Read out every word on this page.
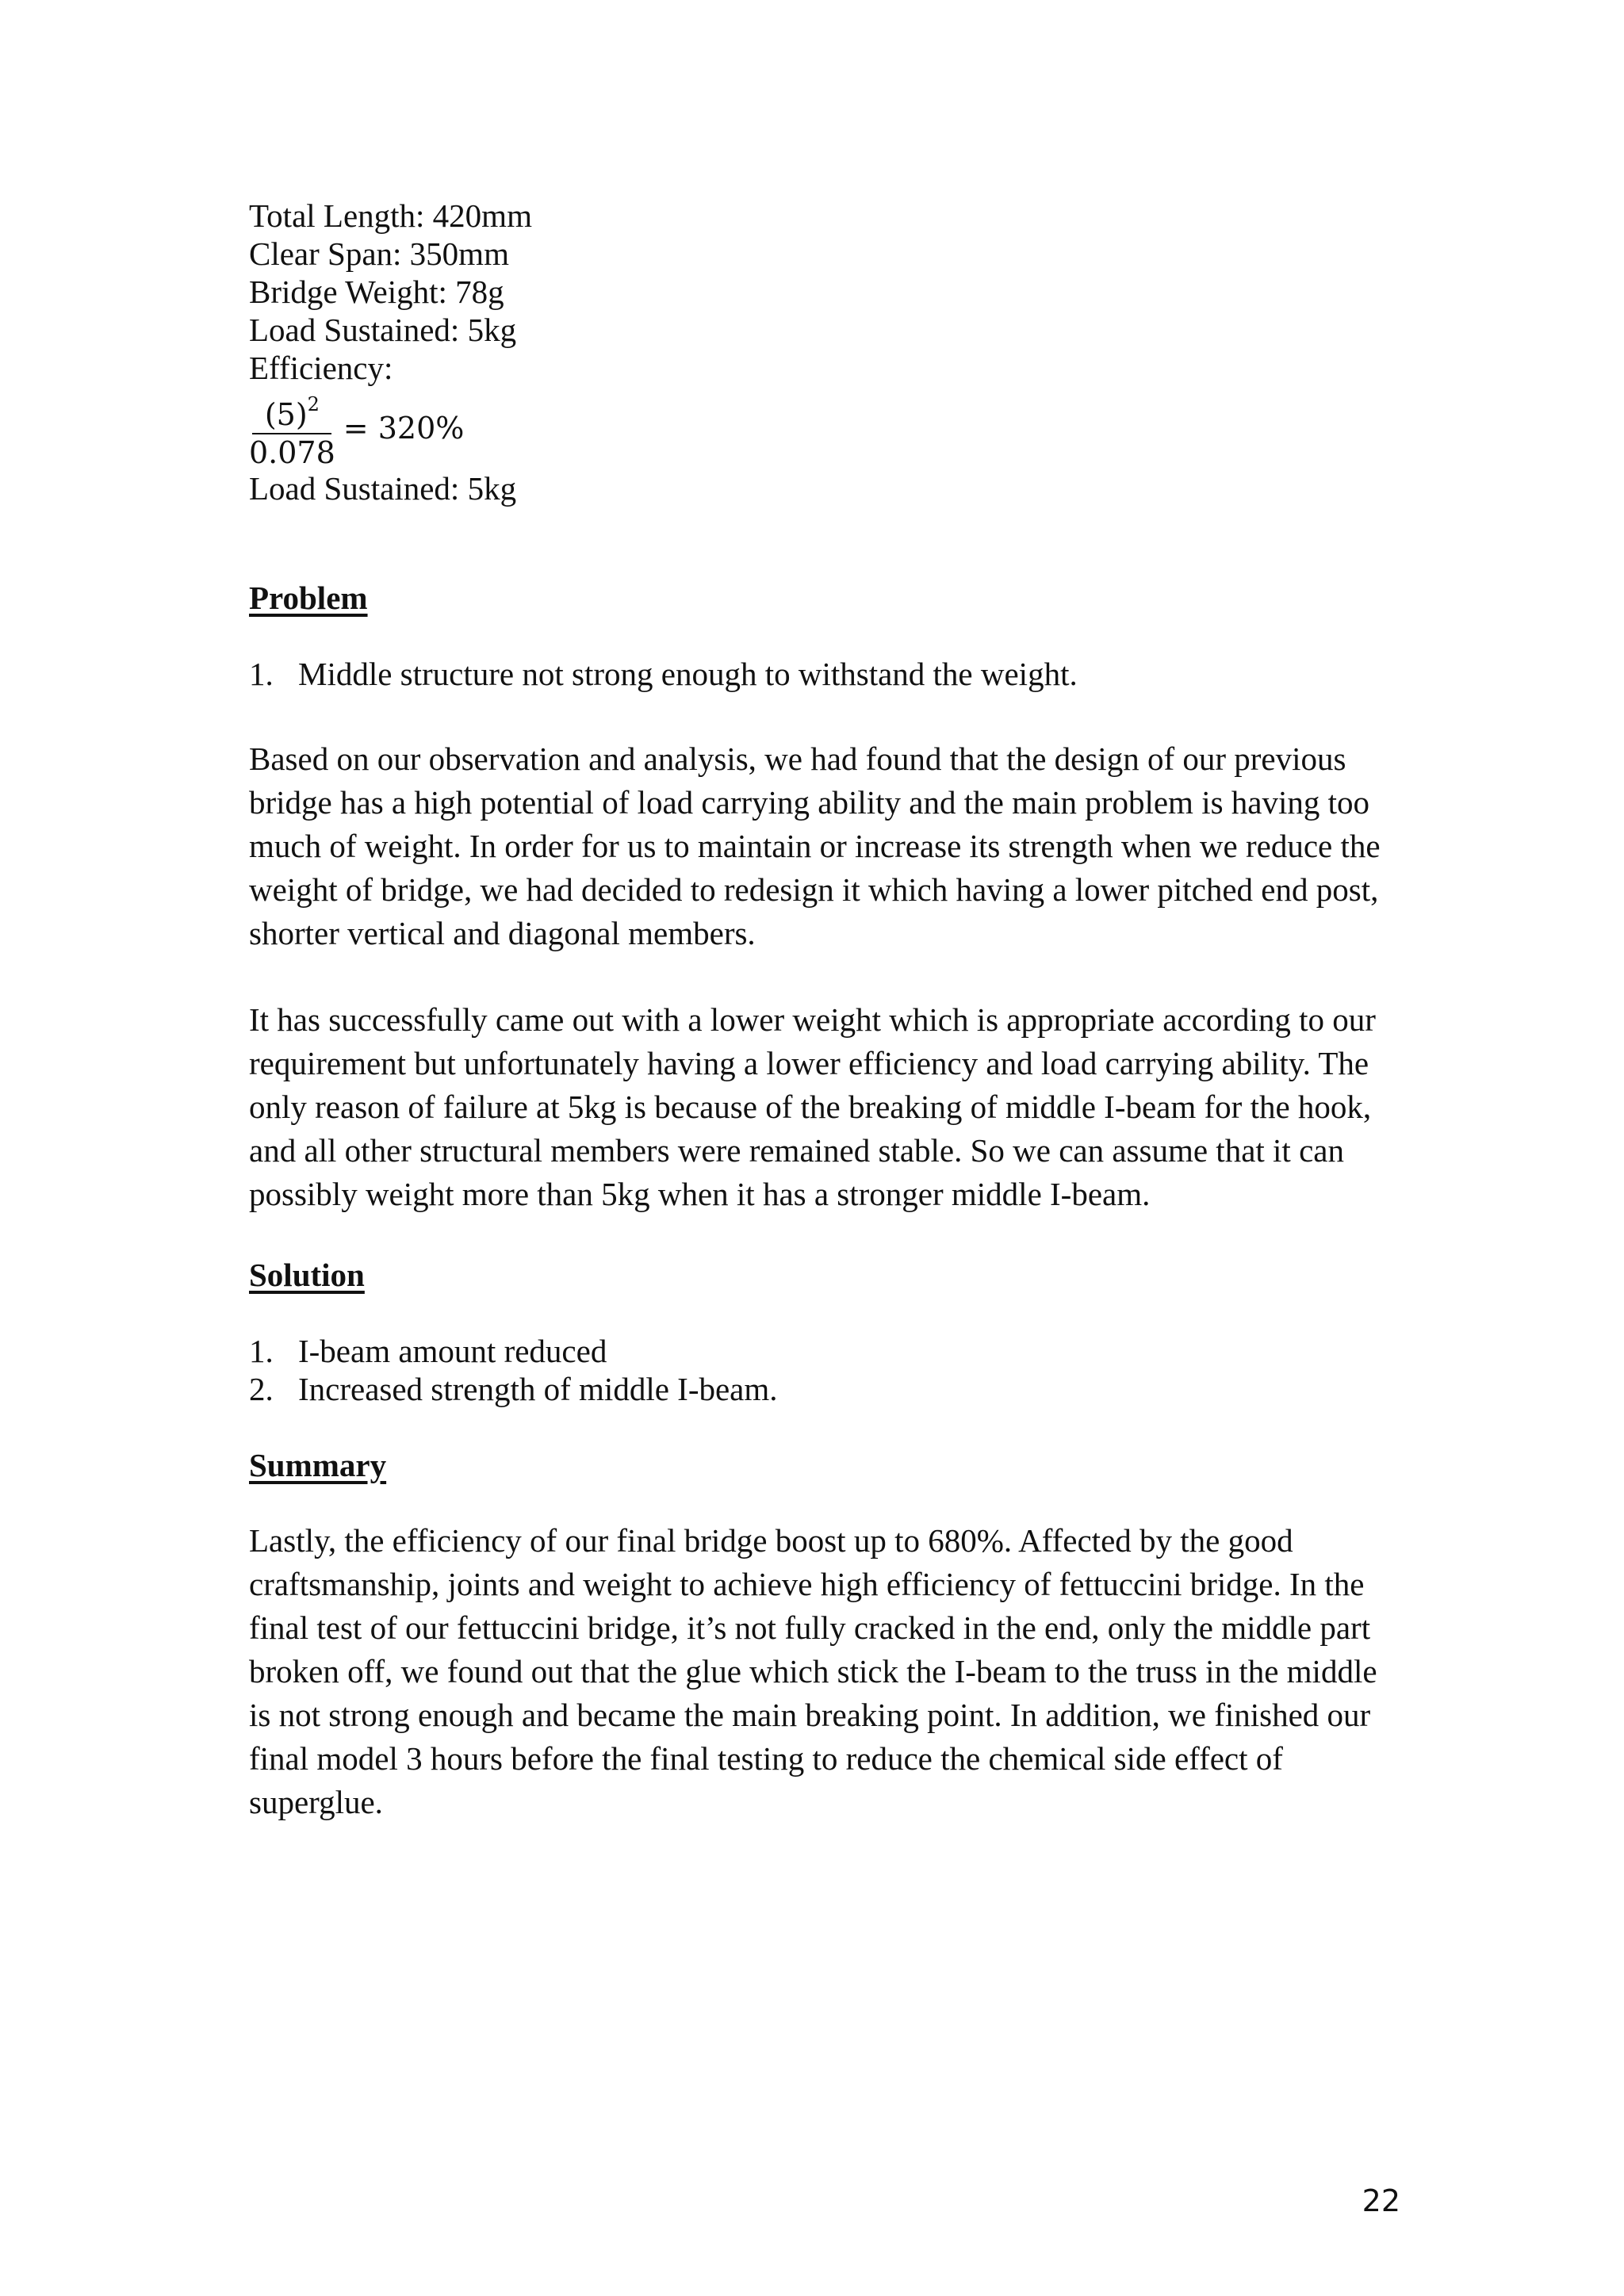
Total Length: 420mm
Clear Span: 350mm
Bridge Weight: 78g
Load Sustained: 5kg
Efficiency:
$\frac{(5)^2}{0.078} = 320\%$
Load Sustained: 5kg
Problem
1. Middle structure not strong enough to withstand the weight.

Based on our observation and analysis, we had found that the design of our previous bridge has a high potential of load carrying ability and the main problem is having too much of weight. In order for us to maintain or increase its strength when we reduce the weight of bridge, we had decided to redesign it which having a lower pitched end post, shorter vertical and diagonal members.

It has successfully came out with a lower weight which is appropriate according to our requirement but unfortunately having a lower efficiency and load carrying ability. The only reason of failure at 5kg is because of the breaking of middle I-beam for the hook, and all other structural members were remained stable. So we can assume that it can possibly weight more than 5kg when it has a stronger middle I-beam.

Solution
1. I-beam amount reduced
2. Increased strength of middle I-beam.
Summary

Lastly, the efficiency of our final bridge boost up to 680%. Affected by the good craftsmanship, joints and weight to achieve high efficiency of fettuccini bridge. In the final test of our fettuccini bridge, it’s not fully cracked in the end, only the middle part broken off, we found out that the glue which stick the I-beam to the truss in the middle is not strong enough and became the main breaking point. In addition, we finished our final model 3 hours before the final testing to reduce the chemical side effect of superglue.

22
